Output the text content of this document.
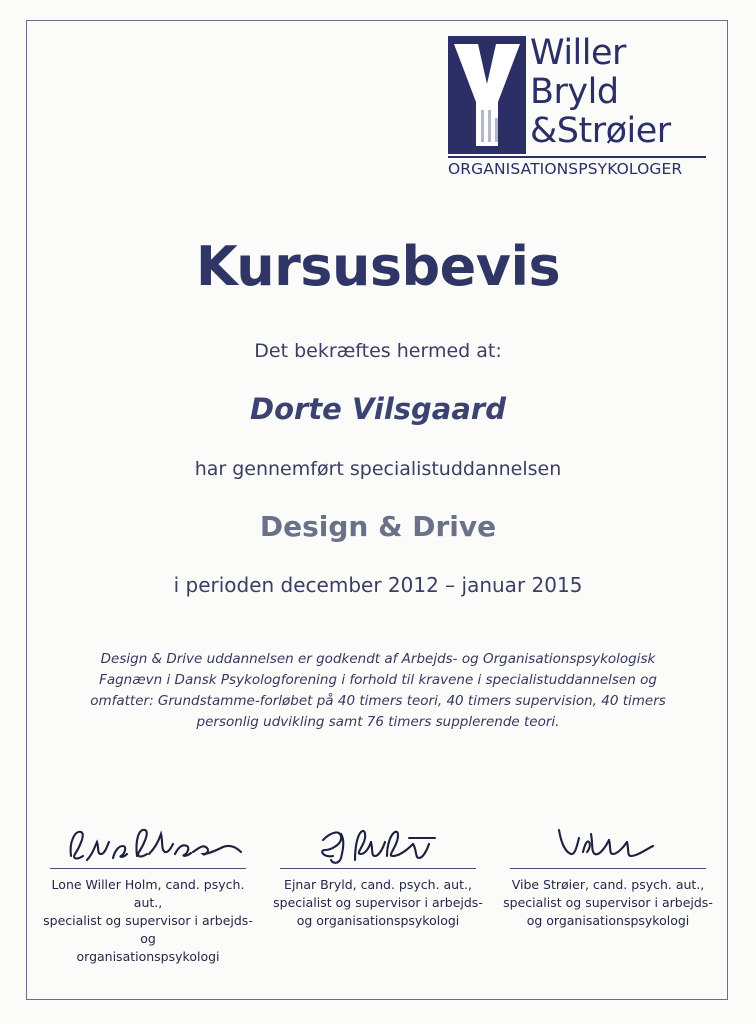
Willer
Bryld
&Strøier
ORGANISATIONSPSYKOLOGER
Kursusbevis
Det bekræftes hermed at:
Dorte Vilsgaard
har gennemført specialistuddannelsen
Design & Drive
i perioden december 2012 – januar 2015
Design & Drive uddannelsen er godkendt af Arbejds- og Organisationspsykologisk Fagnævn i Dansk Psykologforening i forhold til kravene i specialistuddannelsen og omfatter: Grundstamme-forløbet på 40 timers teori, 40 timers supervision, 40 timers personlig udvikling samt 76 timers supplerende teori.
Lone Willer Holm, cand. psych. aut.,
specialist og supervisor i arbejds- og
organisationspsykologi
Ejnar Bryld, cand. psych. aut.,
specialist og supervisor i arbejds-
og organisationspsykologi
Vibe Strøier, cand. psych. aut.,
specialist og supervisor i arbejds-
og organisationspsykologi
